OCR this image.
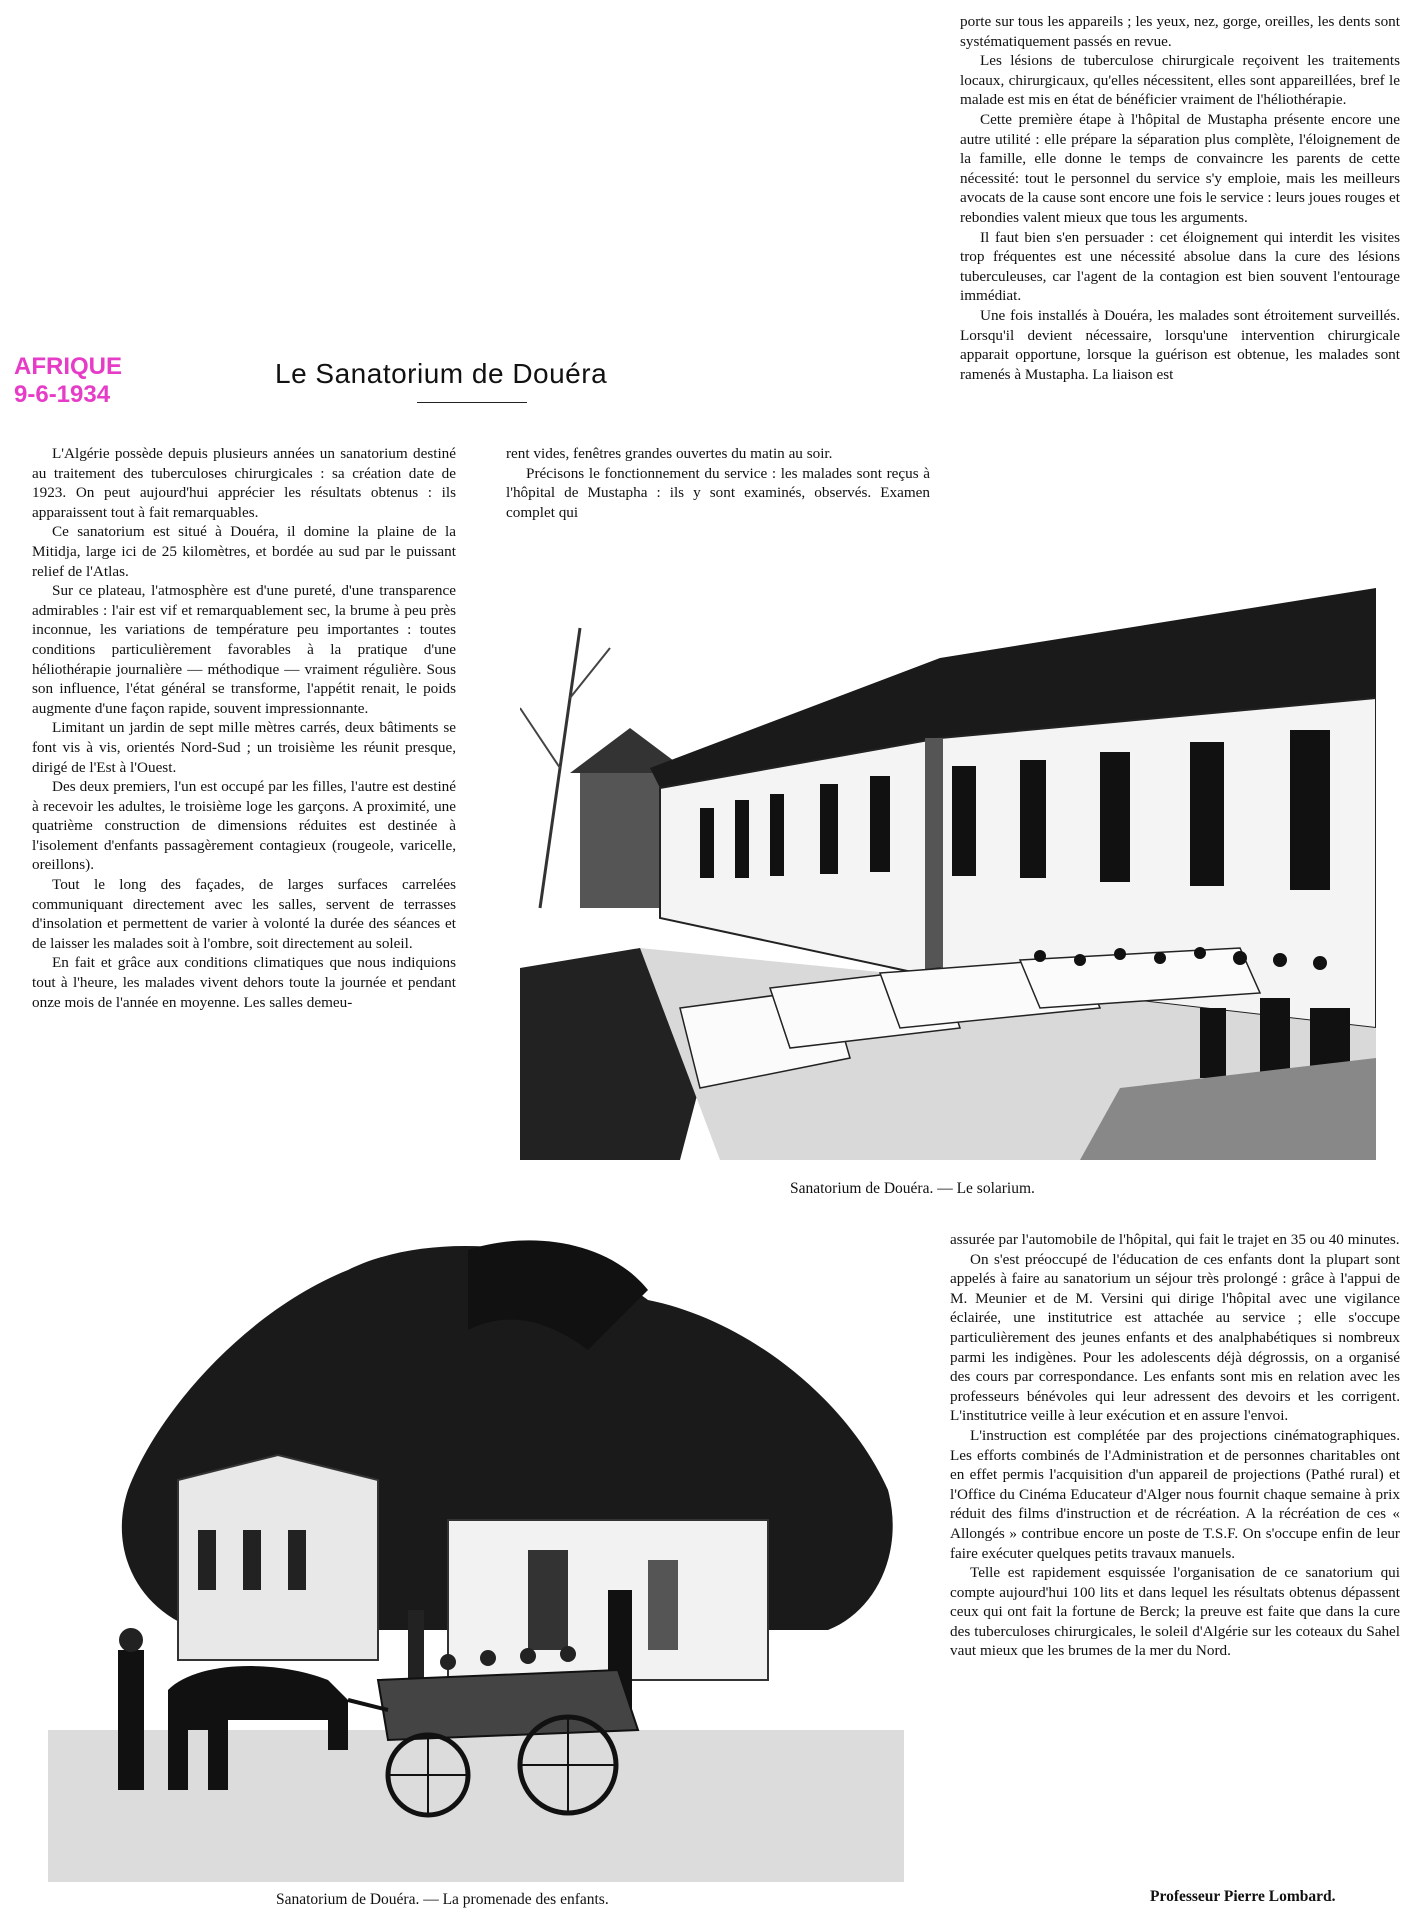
AFRIQUE
9-6-1934
Le Sanatorium de Douéra

L'Algérie possède depuis plusieurs années un sanatorium destiné au traitement des tuberculoses chirurgicales : sa création date de 1923. On peut aujourd'hui apprécier les résultats obtenus : ils apparaissent tout à fait remarquables.

Ce sanatorium est situé à Douéra, il domine la plaine de la Mitidja, large ici de 25 kilomètres, et bordée au sud par le puissant relief de l'Atlas.

Sur ce plateau, l'atmosphère est d'une pureté, d'une transparence admirables : l'air est vif et remarquablement sec, la brume à peu près inconnue, les variations de température peu importantes : toutes conditions particulièrement favorables à la pratique d'une héliothérapie journalière — méthodique — vraiment régulière. Sous son influence, l'état général se transforme, l'appétit renait, le poids augmente d'une façon rapide, souvent impressionnante.

Limitant un jardin de sept mille mètres carrés, deux bâtiments se font vis à vis, orientés Nord-Sud ; un troisième les réunit presque, dirigé de l'Est à l'Ouest.

Des deux premiers, l'un est occupé par les filles, l'autre est destiné à recevoir les adultes, le troisième loge les garçons. A proximité, une quatrième construction de dimensions réduites est destinée à l'isolement d'enfants passagèrement contagieux (rougeole, varicelle, oreillons).

Tout le long des façades, de larges surfaces carrelées communiquant directement avec les salles, servent de terrasses d'insolation et permettent de varier à volonté la durée des séances et de laisser les malades soit à l'ombre, soit directement au soleil.

En fait et grâce aux conditions climatiques que nous indiquions tout à l'heure, les malades vivent dehors toute la journée et pendant onze mois de l'année en moyenne. Les salles demeu-

rent vides, fenêtres grandes ouvertes du matin au soir.

Précisons le fonctionnement du service : les malades sont reçus à l'hôpital de Mustapha : ils y sont examinés, observés. Examen complet qui

porte sur tous les appareils ; les yeux, nez, gorge, oreilles, les dents sont systématiquement passés en revue.

Les lésions de tuberculose chirurgicale reçoivent les traitements locaux, chirurgicaux, qu'elles nécessitent, elles sont appareillées, bref le malade est mis en état de bénéficier vraiment de l'héliothérapie.

Cette première étape à l'hôpital de Mustapha présente encore une autre utilité : elle prépare la séparation plus complète, l'éloignement de la famille, elle donne le temps de convaincre les parents de cette nécessité: tout le personnel du service s'y emploie, mais les meilleurs avocats de la cause sont encore une fois le service : leurs joues rouges et rebondies valent mieux que tous les arguments.

Il faut bien s'en persuader : cet éloignement qui interdit les visites trop fréquentes est une nécessité absolue dans la cure des lésions tuberculeuses, car l'agent de la contagion est bien souvent l'entourage immédiat.

Une fois installés à Douéra, les malades sont étroitement surveillés. Lorsqu'il devient nécessaire, lorsqu'une intervention chirurgicale apparait opportune, lorsque la guérison est obtenue, les malades sont ramenés à Mustapha. La liaison est

Sanatorium de Douéra. — Le solarium.
Sanatorium de Douéra. — La promenade des enfants.

assurée par l'automobile de l'hôpital, qui fait le trajet en 35 ou 40 minutes.

On s'est préoccupé de l'éducation de ces enfants dont la plupart sont appelés à faire au sanatorium un séjour très prolongé : grâce à l'appui de M. Meunier et de M. Versini qui dirige l'hôpital avec une vigilance éclairée, une institutrice est attachée au service ; elle s'occupe particulièrement des jeunes enfants et des analphabétiques si nombreux parmi les indigènes. Pour les adolescents déjà dégrossis, on a organisé des cours par correspondance. Les enfants sont mis en relation avec les professeurs bénévoles qui leur adressent des devoirs et les corrigent. L'institutrice veille à leur exécution et en assure l'envoi.

L'instruction est complétée par des projections cinématographiques. Les efforts combinés de l'Administration et de personnes charitables ont en effet permis l'acquisition d'un appareil de projections (Pathé rural) et l'Office du Cinéma Educateur d'Alger nous fournit chaque semaine à prix réduit des films d'instruction et de récréation. A la récréation de ces « Allongés » contribue encore un poste de T.S.F. On s'occupe enfin de leur faire exécuter quelques petits travaux manuels.

Telle est rapidement esquissée l'organisation de ce sanatorium qui compte aujourd'hui 100 lits et dans lequel les résultats obtenus dépassent ceux qui ont fait la fortune de Berck; la preuve est faite que dans la cure des tuberculoses chirurgicales, le soleil d'Algérie sur les coteaux du Sahel vaut mieux que les brumes de la mer du Nord.

Professeur Pierre Lombard.
